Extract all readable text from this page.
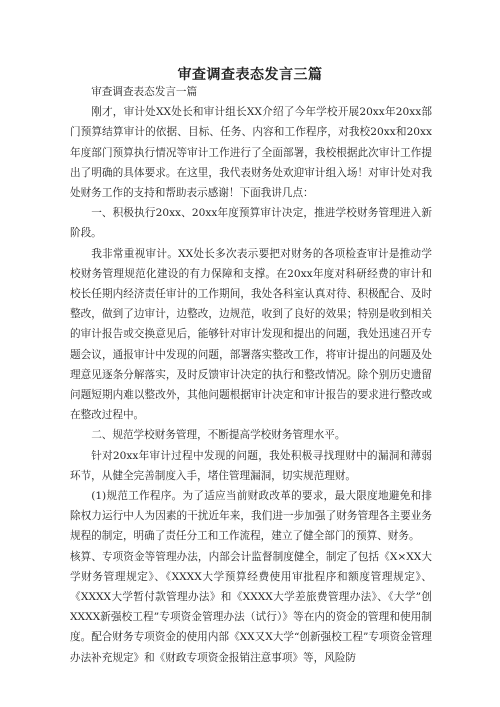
审查调查表态发言三篇

审查调查表态发言一篇

刚才，审计处XX处长和审计组长XX介绍了今年学校开展20xx年20xx部门预算结算审计的依据、目标、任务、内容和工作程序，对我校20xx和20xx年度部门预算执行情况等审计工作进行了全面部署，我校根据此次审计工作提出了明确的具体要求。在这里，我代表财务处欢迎审计组入场！对审计处对我处财务工作的支持和帮助表示感谢！下面我讲几点：

一、积极执行20xx、20xx年度预算审计决定，推进学校财务管理进入新阶段。

我非常重视审计。XX处长多次表示要把对财务的各项检查审计是推动学校财务管理规范化建设的有力保障和支撑。在20xx年度对科研经费的审计和校长任期内经济责任审计的工作期间，我处各科室认真对待、积极配合、及时整改，做到了边审计，边整改，边规范，收到了良好的效果；特别是收到相关的审计报告或交换意见后，能够针对审计发现和提出的问题，我处迅速召开专题会议，通报审计中发现的问题，部署落实整改工作，将审计提出的问题及处理意见逐条分解落实，及时反馈审计决定的执行和整改情况。除个别历史遗留问题短期内难以整改外，其他问题根据审计决定和审计报告的要求进行整改或在整改过程中。

二、规范学校财务管理，不断提高学校财务管理水平。

针对20xx年审计过程中发现的问题，我处积极寻找理财中的漏洞和薄弱环节，从健全完善制度入手，堵住管理漏洞，切实规范理财。

(1)规范工作程序。为了适应当前财政改革的要求，最大限度地避免和排除权力运行中人为因素的干扰近年来，我们进一步加强了财务管理各主要业务规程的制定，明确了责任分工和工作流程，建立了健全部门的预算、财务。

核算、专项资金等管理办法，内部会计监督制度健全，制定了包括《X×XX大学财务管理规定》、《XXXX大学预算经费使用审批程序和额度管理规定》、《XXXX大学暂付款管理办法》和《XXXX大学差旅费管理办法》、《大学”创XXXX新强校工程”专项资金管理办法（试行）》等在内的资金的管理和使用制度。配合财务专项资金的使用内部《XX又X大学“创新强校工程”专项资金管理办法补充规定》和《财政专项资金报销注意事项》等，风险防
